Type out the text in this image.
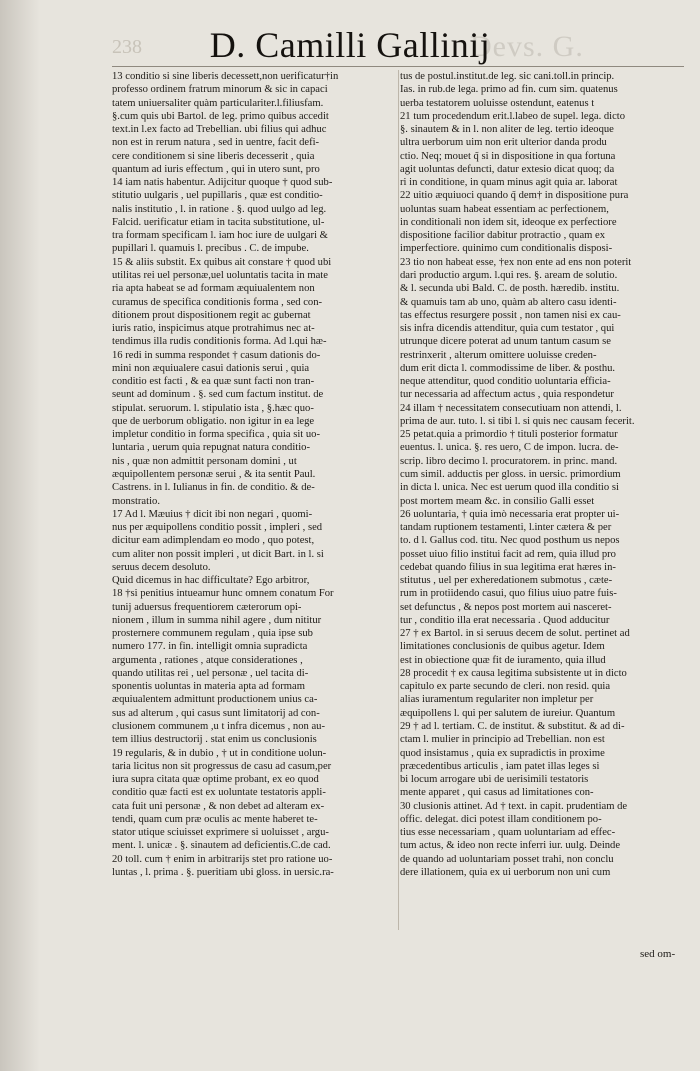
238	Devs. G.
D. Camilli Gallinij
13 conditio si sine liberis decessett,non uerificatur†in
professo ordinem fratrum minorum & sic in capaci
tatem uniuersaliter quàm particulariter.l.filiusfam.
§.cum quis ubi Bartol. de leg. primo quibus accedit
text.in l.ex facto ad Trebellian. ubi filius qui adhuc
non est in rerum natura , sed in uentre, facit defi-
cere conditionem si sine liberis decesserit , quia
quantum ad iuris effectum , qui in utero sunt, pro
14 iam natis habentur. Adijcitur quoque † quod sub-
stitutio uulgaris , uel pupillaris , quæ est conditio-
nalis institutio , l. in ratione . §. quod uulgo ad leg.
Falcid. uerificatur etiam in tacita substitutione, ul-
tra formam specificam l. iam hoc iure de uulgari &
pupillari l. quamuis l. precibus . C. de impube.
15 & aliis substit. Ex quibus ait constare † quod ubi
utilitas rei uel personæ,uel uoluntatis tacita in mate
ria apta habeat se ad formam æquiualentem non
curamus de specifica conditionis forma , sed con-
ditionem prout dispositionem regit ac gubernat
iuris ratio, inspicimus atque protrahimus nec at-
tendimus illa rudis conditionis forma. Ad l.qui hæ-
16 redi in summa respondet † casum dationis do-
mini non æquiualere casui dationis serui , quia
conditio est facti , & ea quæ sunt facti non tran-
seunt ad dominum . §. sed cum factum institut. de
stipulat. seruorum. l. stipulatio ista , §.hæc quo-
que de uerborum obligatio. non igitur in ea lege
impletur conditio in forma specifica , quia sit uo-
luntaria , uerum quia repugnat natura conditio-
nis , quæ non admittit personam domini , ut
æquipollentem personæ serui , & ita sentit Paul.
Castrens. in l. Iulianus in fin. de conditio. & de-
monstratio.
17 Ad l. Mæuius † dicit ibi non negari , quomi-
nus per æquipollens conditio possit , impleri , sed
dicitur eam adimplendam eo modo , quo potest,
cum aliter non possit impleri , ut dicit Bart. in l. si
seruus decem desoluto.
Quid dicemus in hac difficultate? Ego arbitror,
18 †si penitius intueamur hunc omnem conatum For
tunij aduersus frequentiorem cæterorum opi-
nionem , illum in summa nihil agere , dum nititur
prosternere communem regulam , quia ipse sub
numero 177. in fin. intelligit omnia supradicta
argumenta , rationes , atque considerationes ,
quando utilitas rei , uel personæ , uel tacita di-
sponentis uoluntas in materia apta ad formam
æquiualentem admittunt productionem unius ca-
sus ad alterum , qui casus sunt limitatorij ad con-
clusionem communem ,u t infra dicemus , non au-
tem illius destructorij . stat enim us conclusionis
19 regularis, & in dubio , † ut in conditione uolun-
taria licitus non sit progressus de casu ad casum,per
iura supra citata quæ optime probant, ex eo quod
conditio quæ facti est ex uoluntate testatoris appli-
cata fuit uni personæ , & non debet ad alteram ex-
tendi, quam cum præ oculis ac mente haberet te-
stator utique sciuisset exprimere si uoluisset , argu-
ment. l. unicæ . §. sinautem ad deficientis.C.de cad.
20 toll. cum † enim in arbitrarijs stet pro ratione uo-
luntas , l. prima . §. pueritiam ubi gloss. in uersic.ra-
tus de postul.institut.de leg. sic cani.toll.in princip.
Ias. in rub.de lega. primo ad fin. cum sim. quatenus
uerba testatorem uoluisse ostendunt, eatenus t
21 tum procedendum erit.l.labeo de supel. lega. dicto
§. sinautem & in l. non aliter de leg. tertio ideoque
ultra uerborum uim non erit ulterior danda produ
ctio. Neq; mouet q̃ si in dispositione in qua fortuna
agit uoluntas defuncti, datur extesio dicat quoq; da
ri in conditione, in quam minus agit quia ar. laborat
22 uitio æquiuoci quando q̃ dem† in dispositione pura
uoluntas suam habeat essentiam ac perfectionem,
in conditionali non idem sit, ideoque ex perfectiore
dispositione facilior dabitur protractio , quam ex
imperfectiore. quinimo cum conditionalis disposi-
23 tio non habeat esse, †ex non ente ad ens non poterit
dari productio argum. l.qui res. §. aream de solutio.
& l. secunda ubi Bald. C. de posth. hæredib. institu.
& quamuis tam ab uno, quàm ab altero casu identi-
tas effectus resurgere possit , non tamen nisi ex cau-
sis infra dicendis attenditur, quia cum testator , qui
utrunque dicere poterat ad unum tantum casum se
restrinxerit , alterum omittere uoluisse creden-
dum erit dicta l. commodissime de liber. & posthu.
neque attenditur, quod conditio uoluntaria efficia-
tur necessaria ad affectum actus , quia respondetur
24 illam † necessitatem consecutiuam non attendi, l.
prima de aur. tuto. l. si tibi l. si quis nec causam fecerit.
25 petat.quia a primordio † tituli posterior formatur
euentus. l. unica. §. res uero, C de impon. lucra. de-
scrip. libro decimo l. procuratorem. in princ. mand.
cum simil. adductis per gloss. in uersic. primordium
in dicta l. unica. Nec est uerum quod illa conditio si
post mortem meam &c. in consilio Galli esset
26 uoluntaria, † quia imò necessaria erat propter ui-
tandam ruptionem testamenti, l.inter cætera & per
to. d l. Gallus cod. titu. Nec quod posthum us nepos
posset uiuo filio institui facit ad rem, quia illud pro
cedebat quando filius in sua legitima erat hæres in-
stitutus , uel per exheredationem submotus , cæte-
rum in protiidendo casui, quo filius uiuo patre fuis-
set defunctus , & nepos post mortem aui nasceret-
tur , conditio illa erat necessaria . Quod adducitur
27 † ex Bartol. in si seruus decem de solut. pertinet ad
limitationes conclusionis de quibus agetur. Idem
est in obiectione quæ fit de iuramento, quia illud
28 procedit † ex causa legitima subsistente ut in dicto
capitulo ex parte secundo de cleri. non resid. quia
alias iuramentum regulariter non impletur per
æquipollens l. qui per salutem de iureiur. Quantum
29 † ad l. tertiam. C. de institut. & substitut. & ad di-
ctam l. mulier in principio ad Trebellian. non est
quod insistamus , quia ex supradictis in proxime
præcedentibus articulis , iam patet illas leges si
bi locum arrogare ubi de uerisimili testatoris
mente apparet , qui casus ad limitationes con-
30 clusionis attinet. Ad † text. in capit. prudentiam de
offic. delegat. dici potest illam conditionem po-
tius esse necessariam , quam uoluntariam ad effec-
tum actus, & ideo non recte inferri iur. uulg. Deinde
de quando ad uoluntariam posset trahi, non conclu
dere illationem, quia ex ui uerborum non uni cum
sed om-
